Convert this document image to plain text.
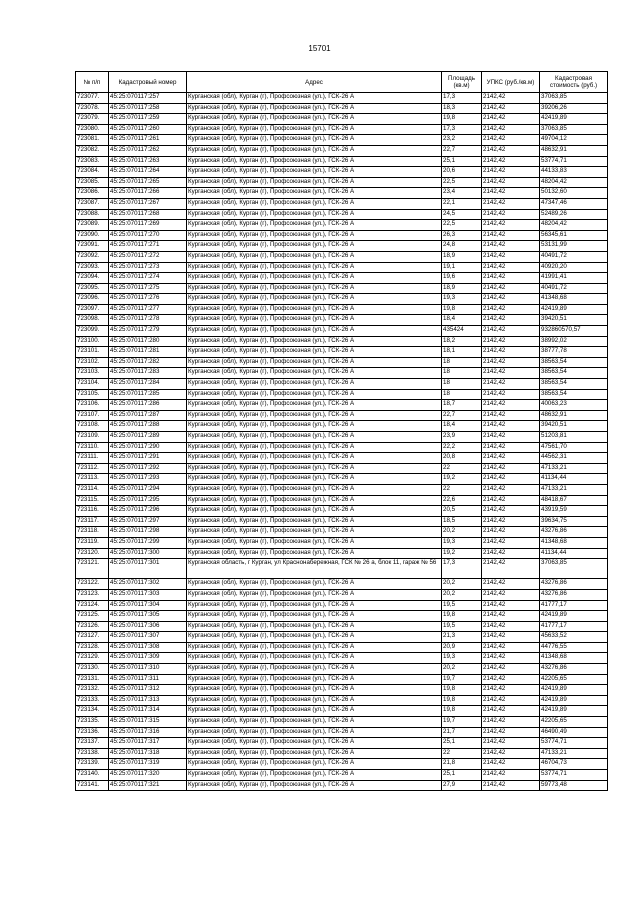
15701
№ п/п	Кадастровый номер	Адрес	Площадь (кв.м)	УПКС (руб./кв.м)	Кадастровая стоимость (руб.)
723077.	45:25:070117:257	Курганская (обл), Курган (г), Профсоюзная (ул.), ГСК-26 А	17,3	2142,42	37063,85
723078.	45:25:070117:258	Курганская (обл), Курган (г), Профсоюзная (ул.), ГСК-26 А	18,3	2142,42	39206,26
723079.	45:25:070117:259	Курганская (обл), Курган (г), Профсоюзная (ул.), ГСК-26 А	19,8	2142,42	42419,89
723080.	45:25:070117:260	Курганская (обл), Курган (г), Профсоюзная (ул.), ГСК-26 А	17,3	2142,42	37063,85
723081.	45:25:070117:261	Курганская (обл), Курган (г), Профсоюзная (ул.), ГСК-26 А	23,2	2142,42	49704,12
723082.	45:25:070117:262	Курганская (обл), Курган (г), Профсоюзная (ул.), ГСК-26 А	22,7	2142,42	48632,91
723083.	45:25:070117:263	Курганская (обл), Курган (г), Профсоюзная (ул.), ГСК-26 А	25,1	2142,42	53774,71
723084.	45:25:070117:264	Курганская (обл), Курган (г), Профсоюзная (ул.), ГСК-26 А	20,6	2142,42	44133,83
723085.	45:25:070117:265	Курганская (обл), Курган (г), Профсоюзная (ул.), ГСК-26 А	22,5	2142,42	48204,42
723086.	45:25:070117:266	Курганская (обл), Курган (г), Профсоюзная (ул.), ГСК-26 А	23,4	2142,42	50132,60
723087.	45:25:070117:267	Курганская (обл), Курган (г), Профсоюзная (ул.), ГСК-26 А	22,1	2142,42	47347,46
723088.	45:25:070117:268	Курганская (обл), Курган (г), Профсоюзная (ул.), ГСК-26 А	24,5	2142,42	52489,26
723089.	45:25:070117:269	Курганская (обл), Курган (г), Профсоюзная (ул.), ГСК-26 А	22,5	2142,42	48204,42
723090.	45:25:070117:270	Курганская (обл), Курган (г), Профсоюзная (ул.), ГСК-26 А	26,3	2142,42	56345,61
723091.	45:25:070117:271	Курганская (обл), Курган (г), Профсоюзная (ул.), ГСК-26 А	24,8	2142,42	53131,99
723092.	45:25:070117:272	Курганская (обл), Курган (г), Профсоюзная (ул.), ГСК-26 А	18,9	2142,42	40491,72
723093.	45:25:070117:273	Курганская (обл), Курган (г), Профсоюзная (ул.), ГСК-26 А	19,1	2142,42	40920,20
723094.	45:25:070117:274	Курганская (обл), Курган (г), Профсоюзная (ул.), ГСК-26 А	19,6	2142,42	41991,41
723095.	45:25:070117:275	Курганская (обл), Курган (г), Профсоюзная (ул.), ГСК-26 А	18,9	2142,42	40491,72
723096.	45:25:070117:276	Курганская (обл), Курган (г), Профсоюзная (ул.), ГСК-26 А	19,3	2142,42	41348,68
723097.	45:25:070117:277	Курганская (обл), Курган (г), Профсоюзная (ул.), ГСК-26 А	19,8	2142,42	42419,89
723098.	45:25:070117:278	Курганская (обл), Курган (г), Профсоюзная (ул.), ГСК-26 А	18,4	2142,42	39420,51
723099.	45:25:070117:279	Курганская (обл), Курган (г), Профсоюзная (ул.), ГСК-26 А	435424	2142,42	932860570,57
723100.	45:25:070117:280	Курганская (обл), Курган (г), Профсоюзная (ул.), ГСК-26 А	18,2	2142,42	38992,02
723101.	45:25:070117:281	Курганская (обл), Курган (г), Профсоюзная (ул.), ГСК-26 А	18,1	2142,42	38777,78
723102.	45:25:070117:282	Курганская (обл), Курган (г), Профсоюзная (ул.), ГСК-26 А	18	2142,42	38563,54
723103.	45:25:070117:283	Курганская (обл), Курган (г), Профсоюзная (ул.), ГСК-26 А	18	2142,42	38563,54
723104.	45:25:070117:284	Курганская (обл), Курган (г), Профсоюзная (ул.), ГСК-26 А	18	2142,42	38563,54
723105.	45:25:070117:285	Курганская (обл), Курган (г), Профсоюзная (ул.), ГСК-26 А	18	2142,42	38563,54
723106.	45:25:070117:286	Курганская (обл), Курган (г), Профсоюзная (ул.), ГСК-26 А	18,7	2142,42	40063,23
723107.	45:25:070117:287	Курганская (обл), Курган (г), Профсоюзная (ул.), ГСК-26 А	22,7	2142,42	48632,91
723108.	45:25:070117:288	Курганская (обл), Курган (г), Профсоюзная (ул.), ГСК-26 А	18,4	2142,42	39420,51
723109.	45:25:070117:289	Курганская (обл), Курган (г), Профсоюзная (ул.), ГСК-26 А	23,9	2142,42	51203,81
723110.	45:25:070117:290	Курганская (обл), Курган (г), Профсоюзная (ул.), ГСК-26 А	22,2	2142,42	47561,70
723111.	45:25:070117:291	Курганская (обл), Курган (г), Профсоюзная (ул.), ГСК-26 А	20,8	2142,42	44562,31
723112.	45:25:070117:292	Курганская (обл), Курган (г), Профсоюзная (ул.), ГСК-26 А	22	2142,42	47133,21
723113.	45:25:070117:293	Курганская (обл), Курган (г), Профсоюзная (ул.), ГСК-26 А	19,2	2142,42	41134,44
723114.	45:25:070117:294	Курганская (обл), Курган (г), Профсоюзная (ул.), ГСК-26 А	22	2142,42	47133,21
723115.	45:25:070117:295	Курганская (обл), Курган (г), Профсоюзная (ул.), ГСК-26 А	22,6	2142,42	48418,67
723116.	45:25:070117:296	Курганская (обл), Курган (г), Профсоюзная (ул.), ГСК-26 А	20,5	2142,42	43919,59
723117.	45:25:070117:297	Курганская (обл), Курган (г), Профсоюзная (ул.), ГСК-26 А	18,5	2142,42	39634,75
723118.	45:25:070117:298	Курганская (обл), Курган (г), Профсоюзная (ул.), ГСК-26 А	20,2	2142,42	43276,86
723119.	45:25:070117:299	Курганская (обл), Курган (г), Профсоюзная (ул.), ГСК-26 А	19,3	2142,42	41348,68
723120.	45:25:070117:300	Курганская (обл), Курган (г), Профсоюзная (ул.), ГСК-26 А	19,2	2142,42	41134,44
723121.	45:25:070117:301	Курганская область, г Курган, ул Краснонабережная, ГСК № 26 а, блок 11, гараж № 56	17,3	2142,42	37063,85
723122.	45:25:070117:302	Курганская (обл), Курган (г), Профсоюзная (ул.), ГСК-26 А	20,2	2142,42	43276,86
723123.	45:25:070117:303	Курганская (обл), Курган (г), Профсоюзная (ул.), ГСК-26 А	20,2	2142,42	43276,86
723124.	45:25:070117:304	Курганская (обл), Курган (г), Профсоюзная (ул.), ГСК-26 А	19,5	2142,42	41777,17
723125.	45:25:070117:305	Курганская (обл), Курган (г), Профсоюзная (ул.), ГСК-26 А	19,8	2142,42	42419,89
723126.	45:25:070117:306	Курганская (обл), Курган (г), Профсоюзная (ул.), ГСК-26 А	19,5	2142,42	41777,17
723127.	45:25:070117:307	Курганская (обл), Курган (г), Профсоюзная (ул.), ГСК-26 А	21,3	2142,42	45633,52
723128.	45:25:070117:308	Курганская (обл), Курган (г), Профсоюзная (ул.), ГСК-26 А	20,9	2142,42	44776,55
723129.	45:25:070117:309	Курганская (обл), Курган (г), Профсоюзная (ул.), ГСК-26 А	19,3	2142,42	41348,68
723130.	45:25:070117:310	Курганская (обл), Курган (г), Профсоюзная (ул.), ГСК-26 А	20,2	2142,42	43276,86
723131.	45:25:070117:311	Курганская (обл), Курган (г), Профсоюзная (ул.), ГСК-26 А	19,7	2142,42	42205,65
723132.	45:25:070117:312	Курганская (обл), Курган (г), Профсоюзная (ул.), ГСК-26 А	19,8	2142,42	42419,89
723133.	45:25:070117:313	Курганская (обл), Курган (г), Профсоюзная (ул.), ГСК-26 А	19,8	2142,42	42419,89
723134.	45:25:070117:314	Курганская (обл), Курган (г), Профсоюзная (ул.), ГСК-26 А	19,8	2142,42	42419,89
723135.	45:25:070117:315	Курганская (обл), Курган (г), Профсоюзная (ул.), ГСК-26 А	19,7	2142,42	42205,65
723136.	45:25:070117:316	Курганская (обл), Курган (г), Профсоюзная (ул.), ГСК-26 А	21,7	2142,42	46490,49
723137.	45:25:070117:317	Курганская (обл), Курган (г), Профсоюзная (ул.), ГСК-26 А	25,1	2142,42	53774,71
723138.	45:25:070117:318	Курганская (обл), Курган (г), Профсоюзная (ул.), ГСК-26 А	22	2142,42	47133,21
723139.	45:25:070117:319	Курганская (обл), Курган (г), Профсоюзная (ул.), ГСК-26 А	21,8	2142,42	46704,73
723140.	45:25:070117:320	Курганская (обл), Курган (г), Профсоюзная (ул.), ГСК-26 А	25,1	2142,42	53774,71
723141.	45:25:070117:321	Курганская (обл), Курган (г), Профсоюзная (ул.), ГСК-26 А	27,9	2142,42	59773,48
